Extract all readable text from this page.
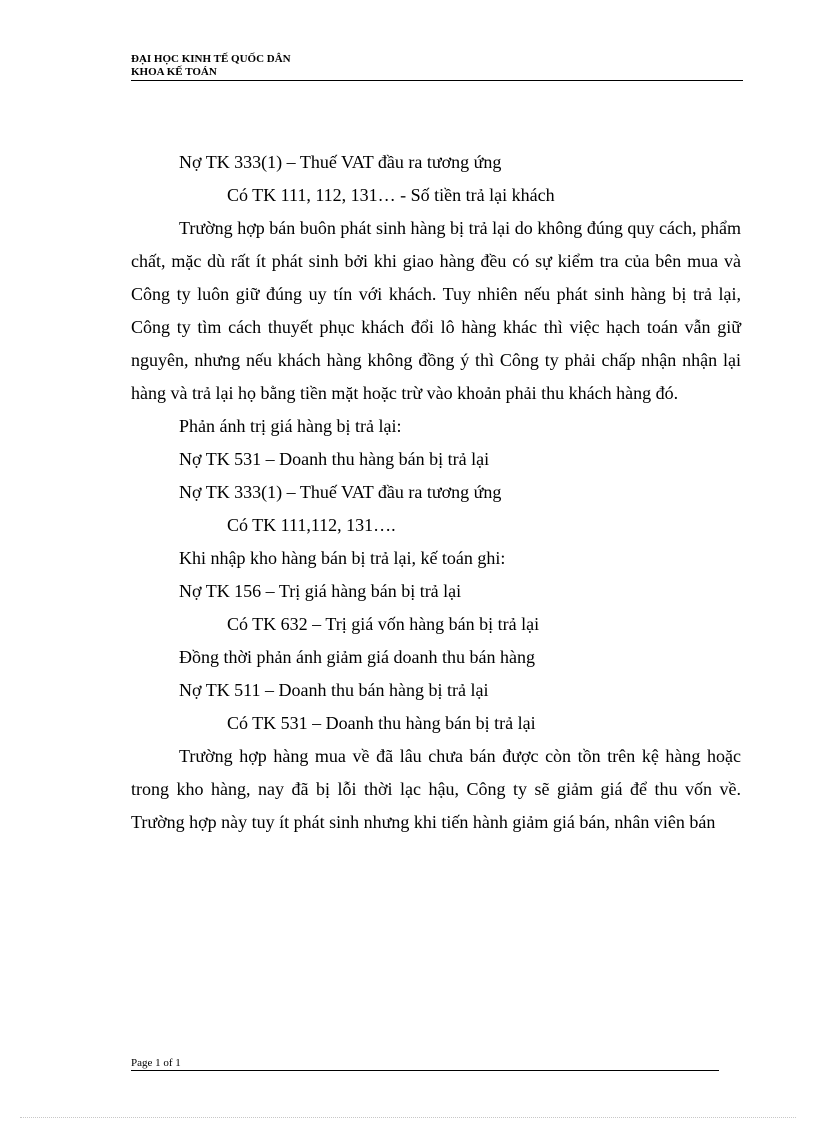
ĐẠI HỌC KINH TẾ QUỐC DÂN
KHOA KẾ TOÁN

Nợ TK 333(1) – Thuế VAT đầu ra tương ứng

Có TK 111, 112, 131… - Số tiền trả lại khách

Trường hợp bán buôn phát sinh hàng bị trả lại do không đúng quy cách, phẩm chất, mặc dù rất ít phát sinh bởi khi giao hàng đều có sự kiểm tra của bên mua và Công ty luôn giữ đúng uy tín với khách. Tuy nhiên nếu phát sinh hàng bị trả lại, Công ty tìm cách thuyết phục khách đổi lô hàng khác thì việc hạch toán vẫn giữ nguyên, nhưng nếu khách hàng không đồng ý thì Công ty phải chấp nhận nhận lại hàng và trả lại họ bằng tiền mặt hoặc trừ vào khoản phải thu khách hàng đó.

Phản ánh trị giá hàng bị trả lại:

Nợ TK 531 – Doanh thu hàng bán bị trả lại

Nợ TK 333(1) – Thuế VAT đầu ra tương ứng

Có TK 111,112, 131….

Khi nhập kho hàng bán bị trả lại, kế toán ghi:

Nợ TK 156 – Trị giá hàng bán bị trả lại

Có TK 632 – Trị giá vốn hàng bán bị trả lại

Đồng thời phản ánh giảm giá doanh thu bán hàng

Nợ TK 511 – Doanh thu bán hàng bị trả lại

Có TK 531 – Doanh thu hàng bán bị trả lại

Trường hợp hàng mua về đã lâu chưa bán được còn tồn trên kệ hàng hoặc trong kho hàng, nay đã bị lỗi thời lạc hậu, Công ty sẽ giảm giá để thu vốn về. Trường hợp này tuy ít phát sinh nhưng khi tiến hành giảm giá bán, nhân viên bán

Page 1 of 1
